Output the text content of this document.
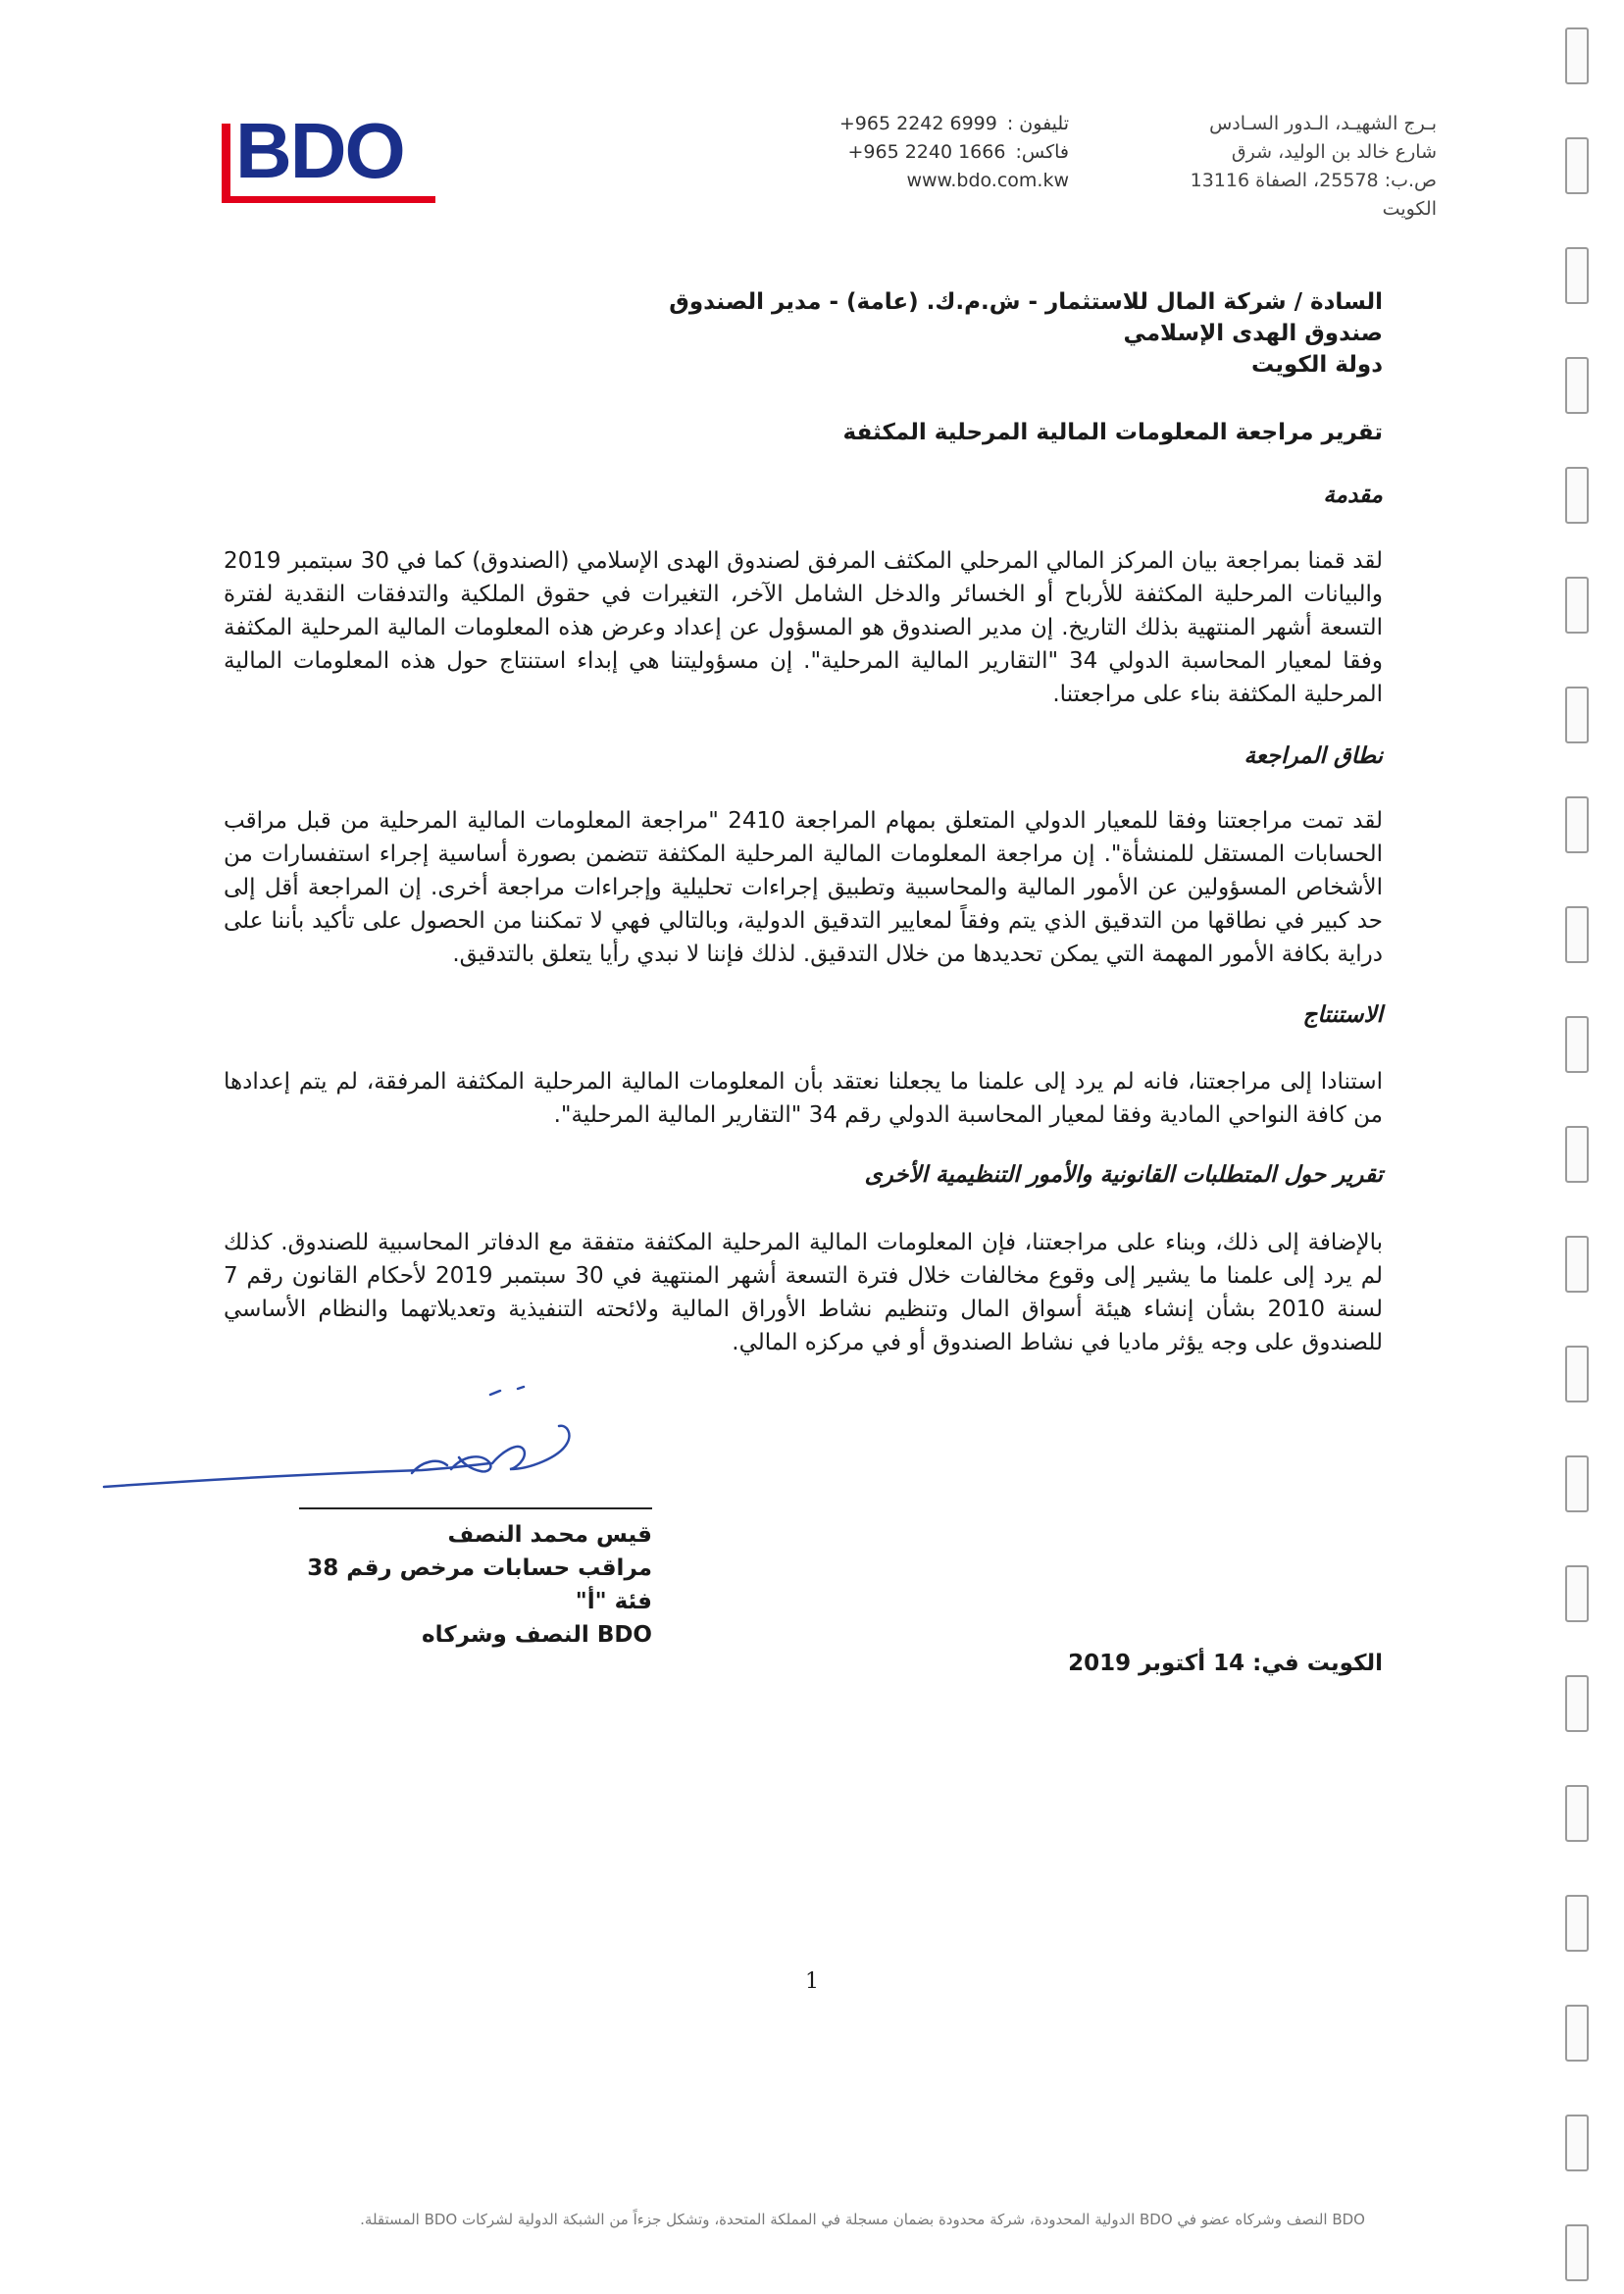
BDO	+965 2242 6999 تليفون :
+965 2240 1666 فاكس:
www.bdo.com.kw
بـرج الشهيـد، الـدور السـادس
شارع خالد بن الوليد، شرق
ص.ب: 25578، الصفاة 13116
الكويت
السادة / شركة المال للاستثمار - ش.م.ك. (عامة) - مدير الصندوق
صندوق الهدى الإسلامي
دولة الكويت
تقرير مراجعة المعلومات المالية المرحلية المكثفة
مقدمة
لقد قمنا بمراجعة بيان المركز المالي المرحلي المكثف المرفق لصندوق الهدى الإسلامي (الصندوق) كما في 30 سبتمبر 2019 والبيانات المرحلية المكثفة للأرباح أو الخسائر والدخل الشامل الآخر، التغيرات في حقوق الملكية والتدفقات النقدية لفترة التسعة أشهر المنتهية بذلك التاريخ. إن مدير الصندوق هو المسؤول عن إعداد وعرض هذه المعلومات المالية المرحلية المكثفة وفقا لمعيار المحاسبة الدولي 34 "التقارير المالية المرحلية". إن مسؤوليتنا هي إبداء استنتاج حول هذه المعلومات المالية المرحلية المكثفة بناء على مراجعتنا.
نطاق المراجعة
لقد تمت مراجعتنا وفقا للمعيار الدولي المتعلق بمهام المراجعة 2410 "مراجعة المعلومات المالية المرحلية من قبل مراقب الحسابات المستقل للمنشأة". إن مراجعة المعلومات المالية المرحلية المكثفة تتضمن بصورة أساسية إجراء استفسارات من الأشخاص المسؤولين عن الأمور المالية والمحاسبية وتطبيق إجراءات تحليلية وإجراءات مراجعة أخرى. إن المراجعة أقل إلى حد كبير في نطاقها من التدقيق الذي يتم وفقاً لمعايير التدقيق الدولية، وبالتالي فهي لا تمكننا من الحصول على تأكيد بأننا على دراية بكافة الأمور المهمة التي يمكن تحديدها من خلال التدقيق. لذلك فإننا لا نبدي رأيا يتعلق بالتدقيق.
الاستنتاج
استنادا إلى مراجعتنا، فانه لم يرد إلى علمنا ما يجعلنا نعتقد بأن المعلومات المالية المرحلية المكثفة المرفقة، لم يتم إعدادها من كافة النواحي المادية وفقا لمعيار المحاسبة الدولي رقم 34 "التقارير المالية المرحلية".
تقرير حول المتطلبات القانونية والأمور التنظيمية الأخرى
بالإضافة إلى ذلك، وبناء على مراجعتنا، فإن المعلومات المالية المرحلية المكثفة متفقة مع الدفاتر المحاسبية للصندوق. كذلك لم يرد إلى علمنا ما يشير إلى وقوع مخالفات خلال فترة التسعة أشهر المنتهية في 30 سبتمبر 2019 لأحكام القانون رقم 7 لسنة 2010 بشأن إنشاء هيئة أسواق المال وتنظيم نشاط الأوراق المالية ولائحته التنفيذية وتعديلاتهما والنظام الأساسي للصندوق على وجه يؤثر ماديا في نشاط الصندوق أو في مركزه المالي.
قيس محمد النصف
مراقب حسابات مرخص رقم 38 فئة "أ"
BDO النصف وشركاه
الكويت في: 14 أكتوبر 2019
1
BDO النصف وشركاه عضو في BDO الدولية المحدودة، شركة محدودة بضمان مسجلة في المملكة المتحدة، وتشكل جزءاً من الشبكة الدولية لشركات BDO المستقلة.
